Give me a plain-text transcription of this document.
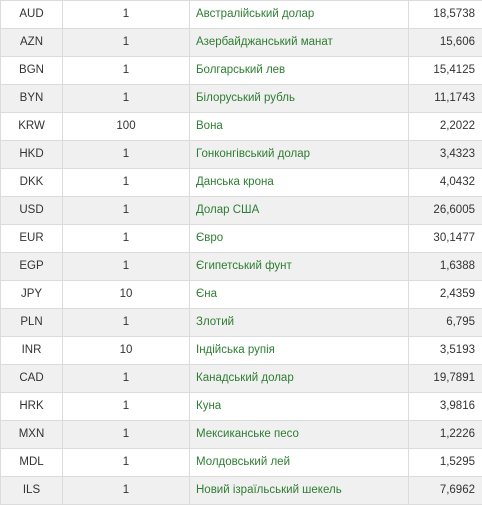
AUD	1	Австралійський долар	18,5738
AZN	1	Азербайджанський манат	15,606
BGN	1	Болгарський лев	15,4125
BYN	1	Білоруський рубль	11,1743
KRW	100	Вона	2,2022
HKD	1	Гонконгівський долар	3,4323
DKK	1	Данська крона	4,0432
USD	1	Долар США	26,6005
EUR	1	Євро	30,1477
EGP	1	Єгипетський фунт	1,6388
JPY	10	Єна	2,4359
PLN	1	Злотий	6,795
INR	10	Індійська рупія	3,5193
CAD	1	Канадський долар	19,7891
HRK	1	Куна	3,9816
MXN	1	Мексиканське песо	1,2226
MDL	1	Молдовський лей	1,5295
ILS	1	Новий ізраїльський шекель	7,6962
